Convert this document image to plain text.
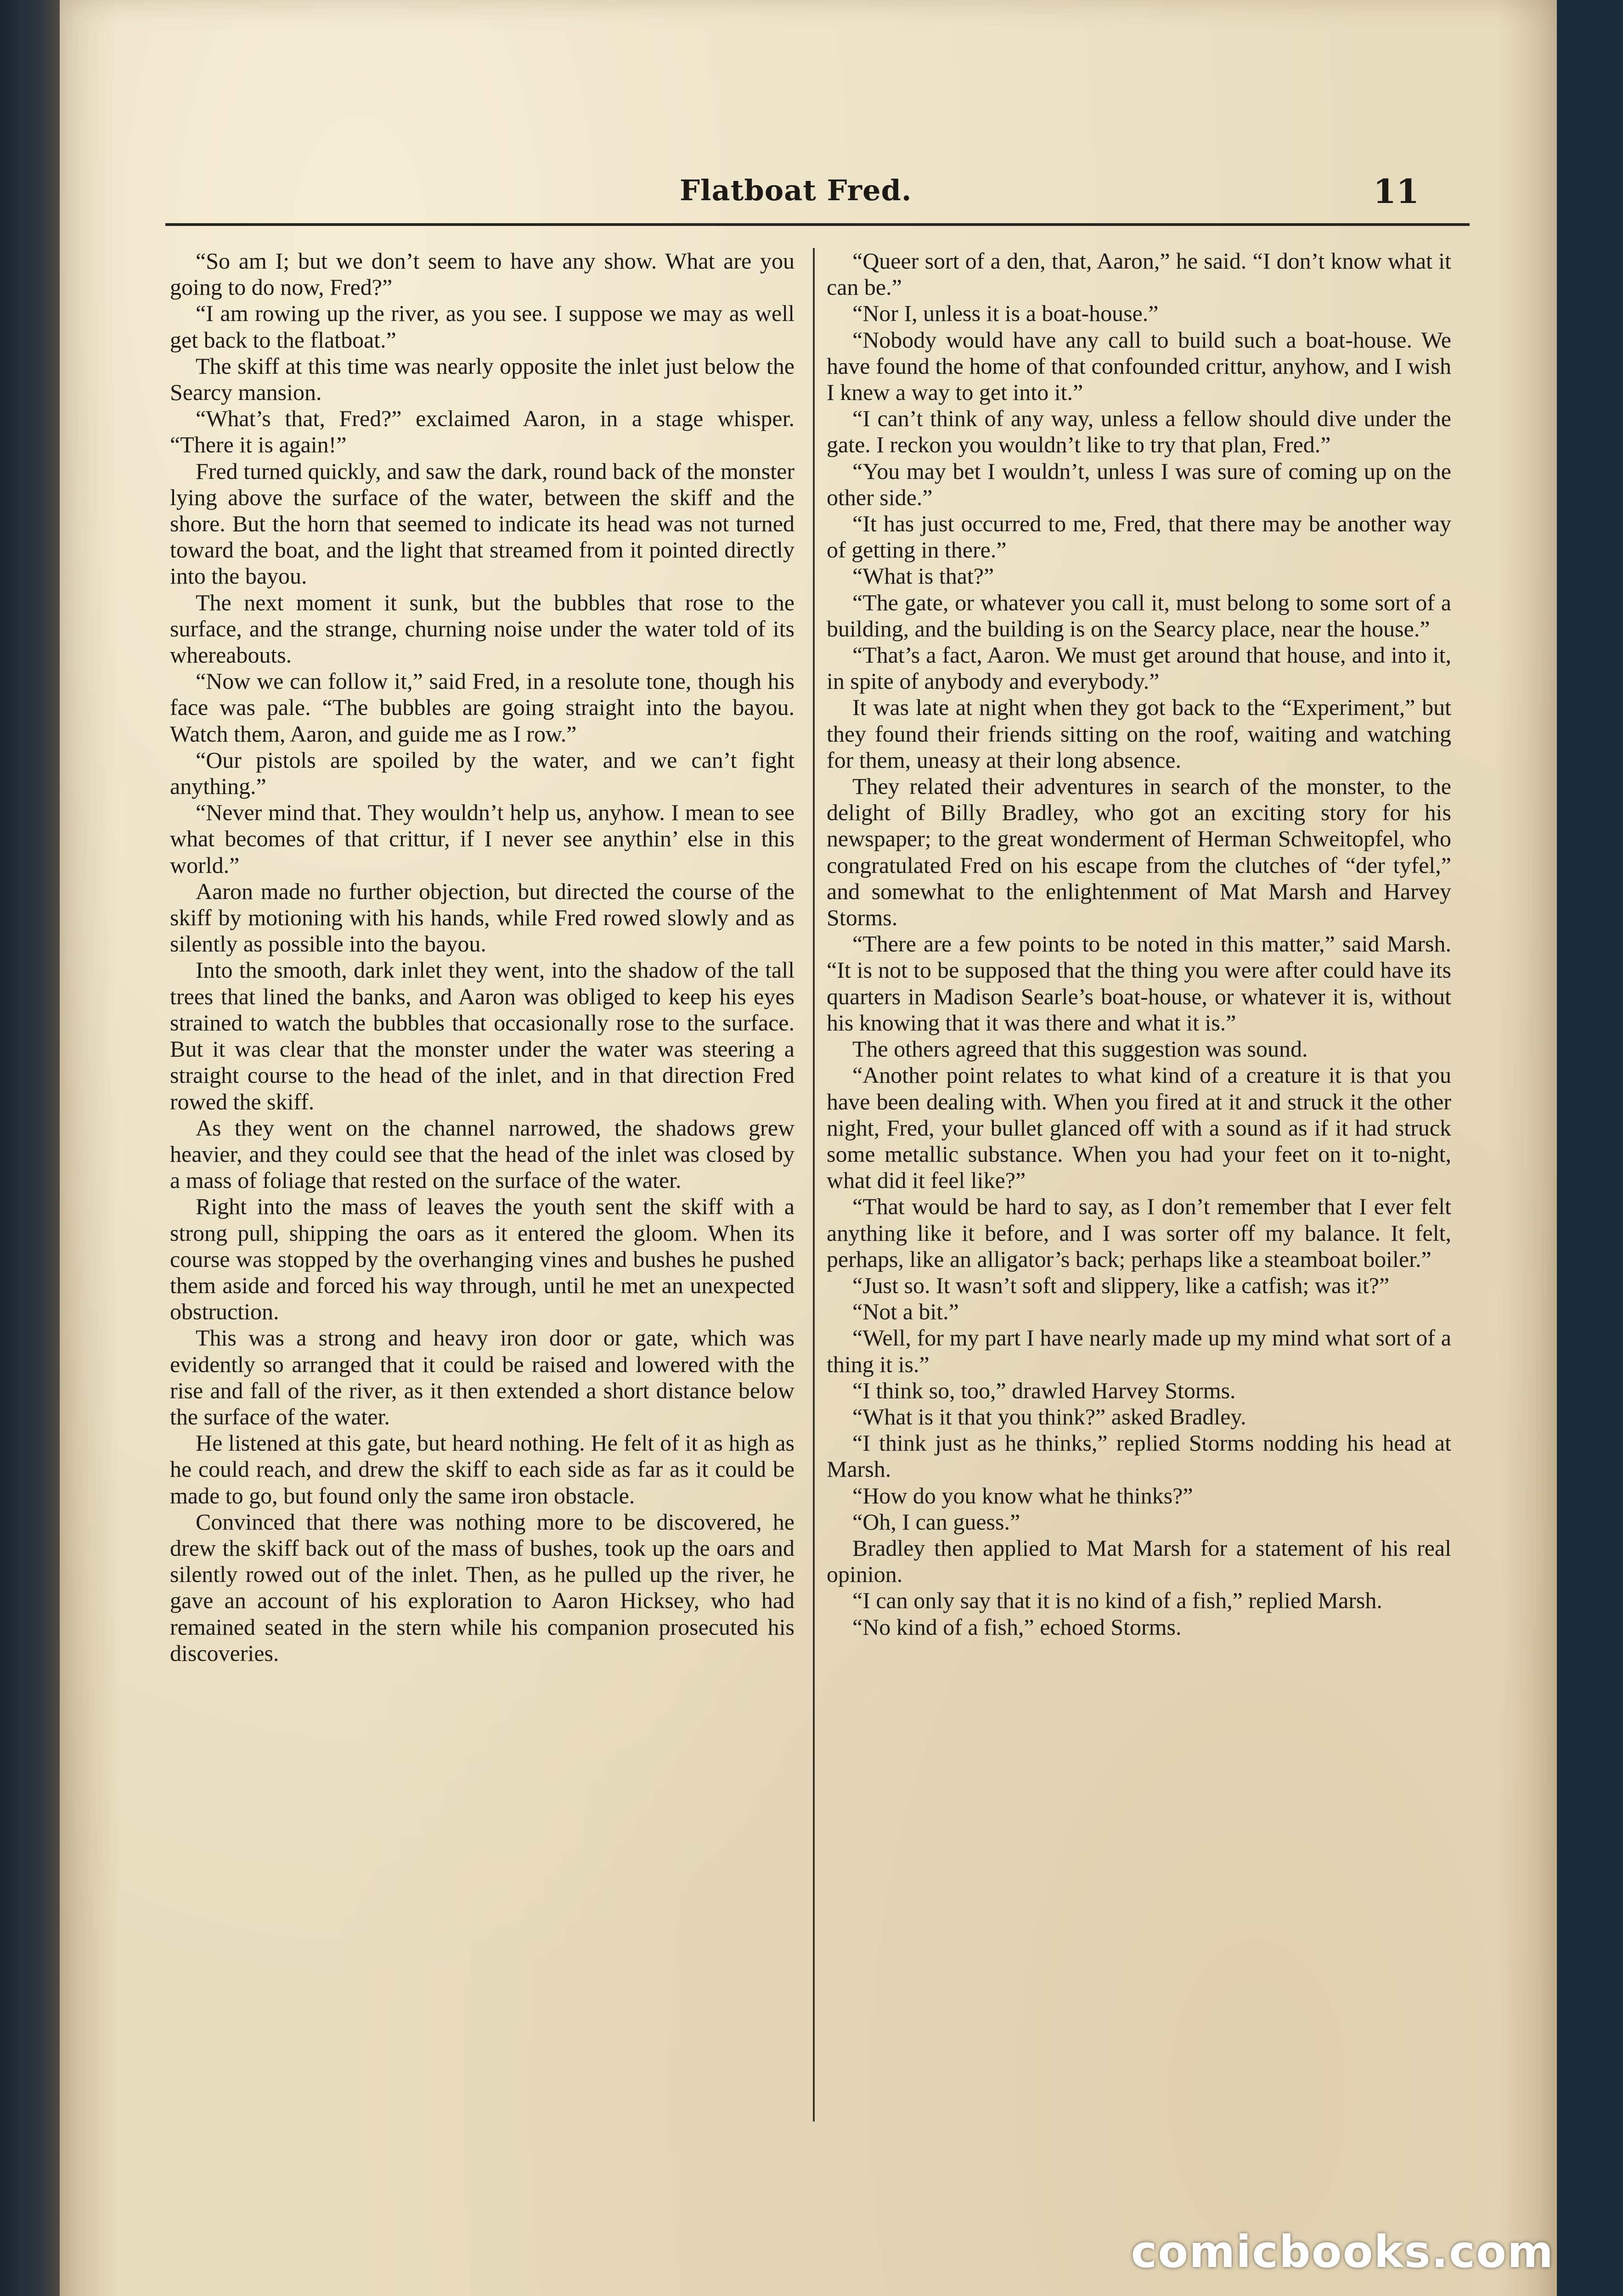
Flatboat Fred.	11

“So am I; but we don’t seem to have any show. What are you going to do now, Fred?”

“I am rowing up the river, as you see. I suppose we may as well get back to the flatboat.”

The skiff at this time was nearly opposite the inlet just below the Searcy mansion.

“What’s that, Fred?” exclaimed Aaron, in a stage whisper. “There it is again!”

Fred turned quickly, and saw the dark, round back of the monster lying above the surface of the water, between the skiff and the shore. But the horn that seemed to indicate its head was not turned toward the boat, and the light that streamed from it pointed directly into the bayou.

The next moment it sunk, but the bubbles that rose to the surface, and the strange, churning noise under the water told of its whereabouts.

“Now we can follow it,” said Fred, in a resolute tone, though his face was pale. “The bubbles are going straight into the bayou. Watch them, Aaron, and guide me as I row.”

“Our pistols are spoiled by the water, and we can’t fight anything.”

“Never mind that. They wouldn’t help us, anyhow. I mean to see what becomes of that crittur, if I never see anythin’ else in this world.”

Aaron made no further objection, but directed the course of the skiff by motioning with his hands, while Fred rowed slowly and as silently as possible into the bayou.

Into the smooth, dark inlet they went, into the shadow of the tall trees that lined the banks, and Aaron was obliged to keep his eyes strained to watch the bubbles that occasionally rose to the surface. But it was clear that the monster under the water was steering a straight course to the head of the inlet, and in that direction Fred rowed the skiff.

As they went on the channel narrowed, the shadows grew heavier, and they could see that the head of the inlet was closed by a mass of foliage that rested on the surface of the water.

Right into the mass of leaves the youth sent the skiff with a strong pull, shipping the oars as it entered the gloom. When its course was stopped by the overhanging vines and bushes he pushed them aside and forced his way through, until he met an unexpected obstruction.

This was a strong and heavy iron door or gate, which was evidently so arranged that it could be raised and lowered with the rise and fall of the river, as it then extended a short distance below the surface of the water.

He listened at this gate, but heard nothing. He felt of it as high as he could reach, and drew the skiff to each side as far as it could be made to go, but found only the same iron obstacle.

Convinced that there was nothing more to be discovered, he drew the skiff back out of the mass of bushes, took up the oars and silently rowed out of the inlet. Then, as he pulled up the river, he gave an account of his exploration to Aaron Hicksey, who had remained seated in the stern while his companion prosecuted his discoveries.

“Queer sort of a den, that, Aaron,” he said. “I don’t know what it can be.”

“Nor I, unless it is a boat-house.”

“Nobody would have any call to build such a boat-house. We have found the home of that confounded crittur, anyhow, and I wish I knew a way to get into it.”

“I can’t think of any way, unless a fellow should dive under the gate. I reckon you wouldn’t like to try that plan, Fred.”

“You may bet I wouldn’t, unless I was sure of coming up on the other side.”

“It has just occurred to me, Fred, that there may be another way of getting in there.”

“What is that?”

“The gate, or whatever you call it, must belong to some sort of a building, and the building is on the Searcy place, near the house.”

“That’s a fact, Aaron. We must get around that house, and into it, in spite of anybody and everybody.”

It was late at night when they got back to the “Experiment,” but they found their friends sitting on the roof, waiting and watching for them, uneasy at their long absence.

They related their adventures in search of the monster, to the delight of Billy Bradley, who got an exciting story for his newspaper; to the great wonderment of Herman Schweitopfel, who congratulated Fred on his escape from the clutches of “der tyfel,” and somewhat to the enlightenment of Mat Marsh and Harvey Storms.

“There are a few points to be noted in this matter,” said Marsh. “It is not to be supposed that the thing you were after could have its quarters in Madison Searle’s boat-house, or whatever it is, without his knowing that it was there and what it is.”

The others agreed that this suggestion was sound.

“Another point relates to what kind of a creature it is that you have been dealing with. When you fired at it and struck it the other night, Fred, your bullet glanced off with a sound as if it had struck some metallic substance. When you had your feet on it to-night, what did it feel like?”

“That would be hard to say, as I don’t remember that I ever felt anything like it before, and I was sorter off my balance. It felt, perhaps, like an alligator’s back; perhaps like a steamboat boiler.”

“Just so. It wasn’t soft and slippery, like a catfish; was it?”

“Not a bit.”

“Well, for my part I have nearly made up my mind what sort of a thing it is.”

“I think so, too,” drawled Harvey Storms.

“What is it that you think?” asked Bradley.

“I think just as he thinks,” replied Storms nodding his head at Marsh.

“How do you know what he thinks?”

“Oh, I can guess.”

Bradley then applied to Mat Marsh for a statement of his real opinion.

“I can only say that it is no kind of a fish,” replied Marsh.

“No kind of a fish,” echoed Storms.

comicbooks.com
